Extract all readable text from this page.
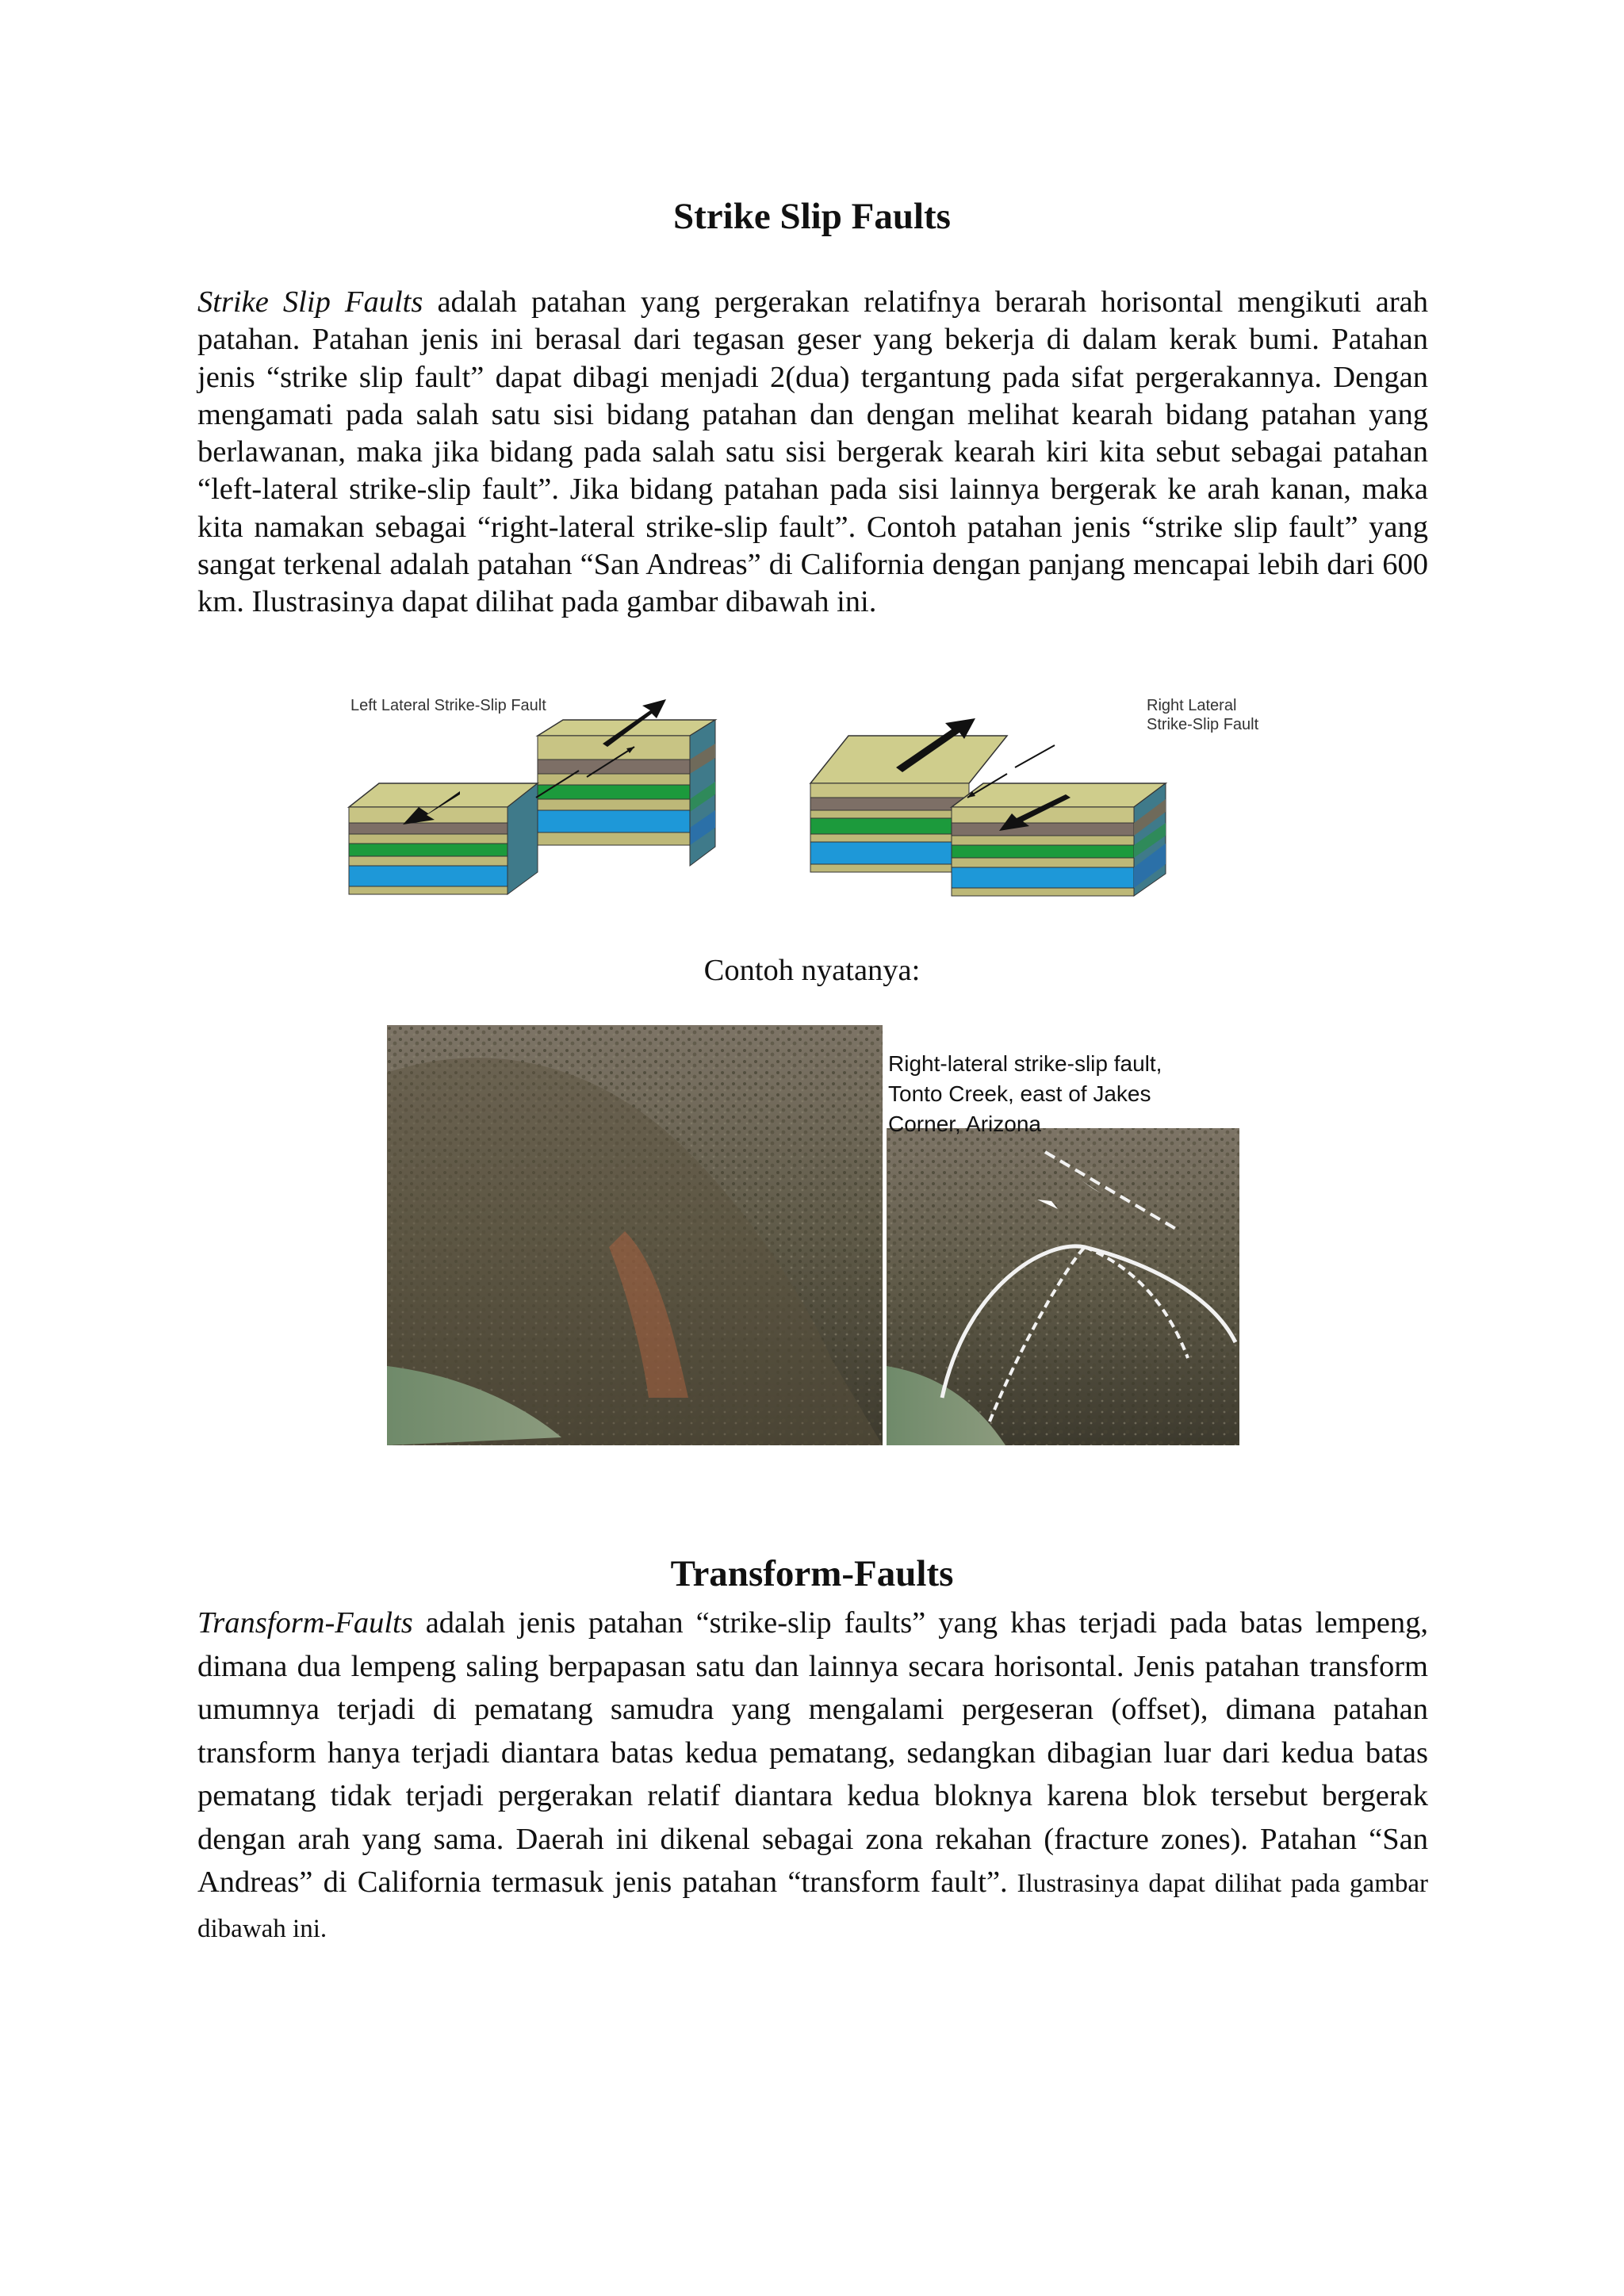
Strike Slip Faults

Strike Slip Faults adalah patahan yang pergerakan relatifnya berarah horisontal mengikuti arah patahan. Patahan jenis ini berasal dari tegasan geser yang bekerja di dalam kerak bumi. Patahan jenis “strike slip fault” dapat dibagi menjadi 2(dua) tergantung pada sifat pergerakannya. Dengan mengamati pada salah satu sisi bidang patahan dan dengan melihat kearah bidang patahan yang berlawanan, maka jika bidang pada salah satu sisi bergerak kearah kiri kita sebut sebagai patahan “left-lateral strike-slip fault”. Jika bidang patahan pada sisi lainnya bergerak ke arah kanan, maka kita namakan sebagai “right-lateral strike-slip fault”. Contoh patahan jenis “strike slip fault” yang sangat terkenal adalah patahan “San Andreas” di California dengan panjang mencapai lebih dari 600 km. Ilustrasinya dapat dilihat pada gambar dibawah ini.

Left Lateral Strike-Slip Fault	Right Lateral
Strike-Slip Fault

Contoh nyatanya:

Right-lateral strike-slip fault,
Tonto Creek, east of Jakes
Corner, Arizona
Transform-Faults

Transform-Faults adalah jenis patahan “strike-slip faults” yang khas terjadi pada batas lempeng, dimana dua lempeng saling berpapasan satu dan lainnya secara horisontal. Jenis patahan transform umumnya terjadi di pematang samudra yang mengalami pergeseran (offset), dimana patahan transform hanya terjadi diantara batas kedua pematang, sedangkan dibagian luar dari kedua batas pematang tidak terjadi pergerakan relatif diantara kedua bloknya karena blok tersebut bergerak dengan arah yang sama. Daerah ini dikenal sebagai zona rekahan (fracture zones). Patahan “San Andreas” di California termasuk jenis patahan “transform fault”. Ilustrasinya dapat dilihat pada gambar dibawah ini.
